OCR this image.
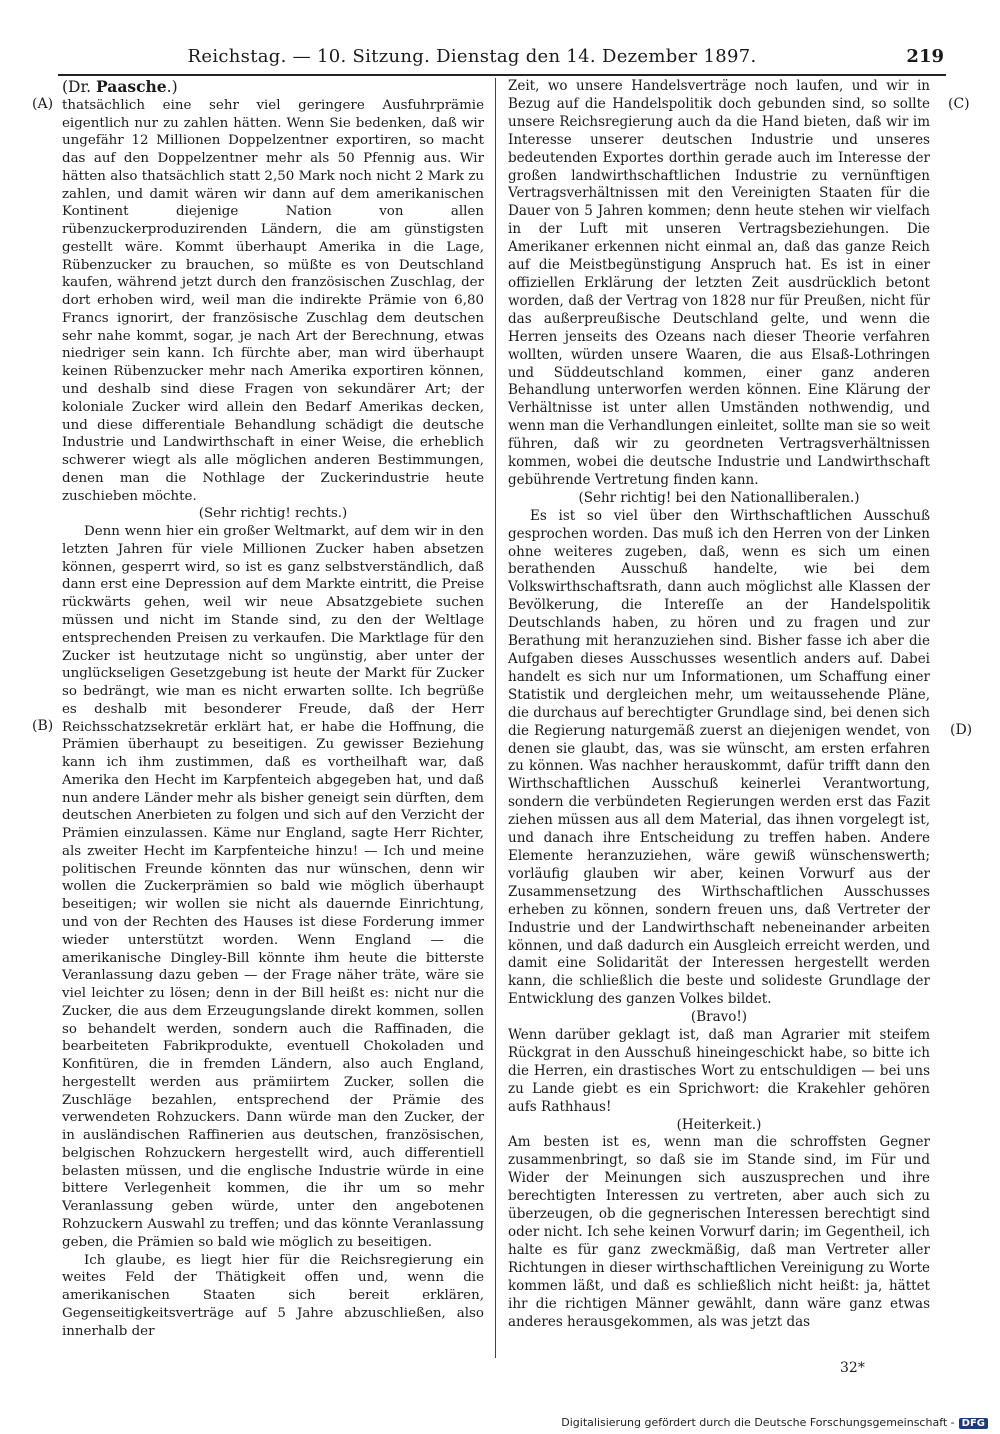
Reichstag. — 10. Sitzung. Dienstag den 14. Dezember 1897.	219
(A)
(B)
(C)
(D)
(Dr. Paasche.)

thatsächlich eine sehr viel geringere Ausfuhrprämie eigentlich nur zu zahlen hätten. Wenn Sie bedenken, daß wir ungefähr 12 Millionen Doppelzentner exportiren, so macht das auf den Doppelzentner mehr als 50 Pfennig aus. Wir hätten also thatsächlich statt 2,50 Mark noch nicht 2 Mark zu zahlen, und damit wären wir dann auf dem amerikanischen Kontinent diejenige Nation von allen rübenzuckerproduzirenden Ländern, die am günstigsten gestellt wäre. Kommt überhaupt Amerika in die Lage, Rübenzucker zu brauchen, so müßte es von Deutschland kaufen, während jetzt durch den französischen Zuschlag, der dort erhoben wird, weil man die indirekte Prämie von 6,80 Francs ignorirt, der französische Zuschlag dem deutschen sehr nahe kommt, sogar, je nach Art der Berechnung, etwas niedriger sein kann. Ich fürchte aber, man wird überhaupt keinen Rübenzucker mehr nach Amerika exportiren können, und deshalb sind diese Fragen von sekundärer Art; der koloniale Zucker wird allein den Bedarf Amerikas decken, und diese differentiale Behandlung schädigt die deutsche Industrie und Landwirthschaft in einer Weise, die erheblich schwerer wiegt als alle möglichen anderen Bestimmungen, denen man die Nothlage der Zuckerindustrie heute zuschieben möchte.

(Sehr richtig! rechts.)

Denn wenn hier ein großer Weltmarkt, auf dem wir in den letzten Jahren für viele Millionen Zucker haben absetzen können, gesperrt wird, so ist es ganz selbstverständlich, daß dann erst eine Depression auf dem Markte eintritt, die Preise rückwärts gehen, weil wir neue Absatzgebiete suchen müssen und nicht im Stande sind, zu den der Weltlage entsprechenden Preisen zu verkaufen. Die Marktlage für den Zucker ist heutzutage nicht so ungünstig, aber unter der unglückseligen Gesetzgebung ist heute der Markt für Zucker so bedrängt, wie man es nicht erwarten sollte. Ich begrüße es deshalb mit besonderer Freude, daß der Herr Reichsschatzsekretär erklärt hat, er habe die Hoffnung, die Prämien überhaupt zu beseitigen. Zu gewisser Beziehung kann ich ihm zustimmen, daß es vortheilhaft war, daß Amerika den Hecht im Karpfenteich abgegeben hat, und daß nun andere Länder mehr als bisher geneigt sein dürften, dem deutschen Anerbieten zu folgen und sich auf den Verzicht der Prämien einzulassen. Käme nur England, sagte Herr Richter, als zweiter Hecht im Karpfenteiche hinzu! — Ich und meine politischen Freunde könnten das nur wünschen, denn wir wollen die Zuckerprämien so bald wie möglich überhaupt beseitigen; wir wollen sie nicht als dauernde Einrichtung, und von der Rechten des Hauses ist diese Forderung immer wieder unterstützt worden. Wenn England — die amerikanische Dingley-Bill könnte ihm heute die bitterste Veranlassung dazu geben — der Frage näher träte, wäre sie viel leichter zu lösen; denn in der Bill heißt es: nicht nur die Zucker, die aus dem Erzeugungslande direkt kommen, sollen so behandelt werden, sondern auch die Raffinaden, die bearbeiteten Fabrikprodukte, eventuell Chokoladen und Konfitüren, die in fremden Ländern, also auch England, hergestellt werden aus prämiirtem Zucker, sollen die Zuschläge bezahlen, entsprechend der Prämie des verwendeten Rohzuckers. Dann würde man den Zucker, der in ausländischen Raffinerien aus deutschen, französischen, belgischen Rohzuckern hergestellt wird, auch differentiell belasten müssen, und die englische Industrie würde in eine bittere Verlegenheit kommen, die ihr um so mehr Veranlassung geben würde, unter den angebotenen Rohzuckern Auswahl zu treffen; und das könnte Veranlassung geben, die Prämien so bald wie möglich zu beseitigen.

Ich glaube, es liegt hier für die Reichsregierung ein weites Feld der Thätigkeit offen und, wenn die amerikanischen Staaten sich bereit erklären, Gegenseitigkeitsverträge auf 5 Jahre abzuschließen, also innerhalb der

Zeit, wo unsere Handelsverträge noch laufen, und wir in Bezug auf die Handelspolitik doch gebunden sind, so sollte unsere Reichsregierung auch da die Hand bieten, daß wir im Interesse unserer deutschen Industrie und unseres bedeutenden Exportes dorthin gerade auch im Interesse der großen landwirthschaftlichen Industrie zu vernünftigen Vertragsverhältnissen mit den Vereinigten Staaten für die Dauer von 5 Jahren kommen; denn heute stehen wir vielfach in der Luft mit unseren Vertragsbeziehungen. Die Amerikaner erkennen nicht einmal an, daß das ganze Reich auf die Meistbegünstigung Anspruch hat. Es ist in einer offiziellen Erklärung der letzten Zeit ausdrücklich betont worden, daß der Vertrag von 1828 nur für Preußen, nicht für das außerpreußische Deutschland gelte, und wenn die Herren jenseits des Ozeans nach dieser Theorie verfahren wollten, würden unsere Waaren, die aus Elsaß-Lothringen und Süddeutschland kommen, einer ganz anderen Behandlung unterworfen werden können. Eine Klärung der Verhältnisse ist unter allen Umständen nothwendig, und wenn man die Verhandlungen einleitet, sollte man sie so weit führen, daß wir zu geordneten Vertragsverhältnissen kommen, wobei die deutsche Industrie und Landwirthschaft gebührende Vertretung finden kann.

(Sehr richtig! bei den Nationalliberalen.)

Es ist so viel über den Wirthschaftlichen Ausschuß gesprochen worden. Das muß ich den Herren von der Linken ohne weiteres zugeben, daß, wenn es sich um einen berathenden Ausschuß handelte, wie bei dem Volkswirthschaftsrath, dann auch möglichst alle Klassen der Bevölkerung, die Intereſſe an der Handelspolitik Deutschlands haben, zu hören und zu fragen und zur Berathung mit heranzuziehen sind. Bisher fasse ich aber die Aufgaben dieses Ausschusses wesentlich anders auf. Dabei handelt es sich nur um Informationen, um Schaffung einer Statistik und dergleichen mehr, um weitaussehende Pläne, die durchaus auf berechtigter Grundlage sind, bei denen sich die Regierung naturgemäß zuerst an diejenigen wendet, von denen sie glaubt, das, was sie wünscht, am ersten erfahren zu können. Was nachher herauskommt, dafür trifft dann den Wirthschaftlichen Ausschuß keinerlei Verantwortung, sondern die verbündeten Regierungen werden erst das Fazit ziehen müssen aus all dem Material, das ihnen vorgelegt ist, und danach ihre Entscheidung zu treffen haben. Andere Elemente heranzuziehen, wäre gewiß wünschenswerth; vorläufig glauben wir aber, keinen Vorwurf aus der Zusammensetzung des Wirthschaftlichen Ausschusses erheben zu können, sondern freuen uns, daß Vertreter der Industrie und der Landwirthschaft nebeneinander arbeiten können, und daß dadurch ein Ausgleich erreicht werden, und damit eine Solidarität der Interessen hergestellt werden kann, die schließlich die beste und solideste Grundlage der Entwicklung des ganzen Volkes bildet.

(Bravo!)

Wenn darüber geklagt ist, daß man Agrarier mit steifem Rückgrat in den Ausschuß hineingeschickt habe, so bitte ich die Herren, ein drastisches Wort zu entschuldigen — bei uns zu Lande giebt es ein Sprichwort: die Krakehler gehören aufs Rathhaus!

(Heiterkeit.)

Am besten ist es, wenn man die schroffsten Gegner zusammenbringt, so daß sie im Stande sind, im Für und Wider der Meinungen sich auszusprechen und ihre berechtigten Interessen zu vertreten, aber auch sich zu überzeugen, ob die gegnerischen Interessen berechtigt sind oder nicht. Ich sehe keinen Vorwurf darin; im Gegentheil, ich halte es für ganz zweckmäßig, daß man Vertreter aller Richtungen in dieser wirthschaftlichen Vereinigung zu Worte kommen läßt, und daß es schließlich nicht heißt: ja, hättet ihr die richtigen Männer gewählt, dann wäre ganz etwas anderes herausgekommen, als was jetzt das

32*
Digitalisierung gefördert durch die Deutsche Forschungsgemeinschaft - DFG
